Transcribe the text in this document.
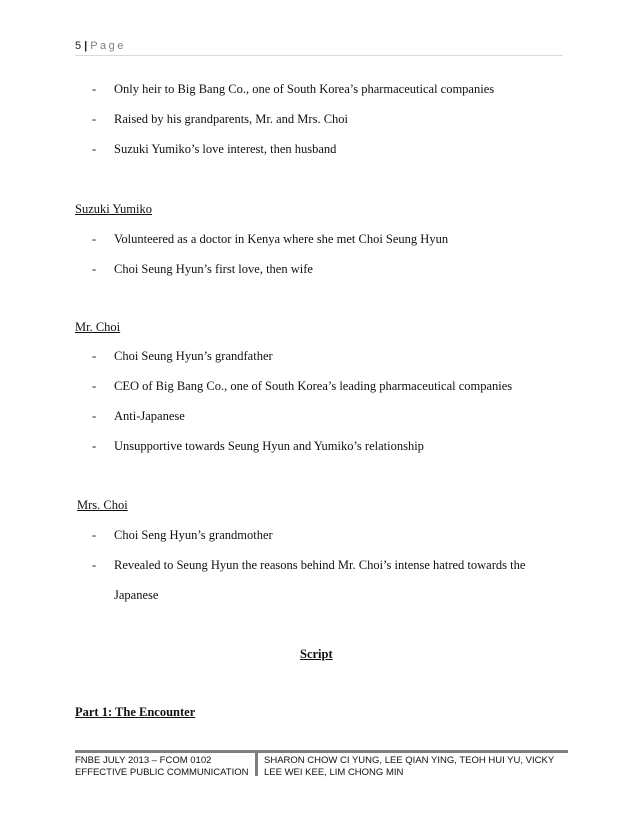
5 | Page
- Only heir to Big Bang Co., one of South Korea’s pharmaceutical companies
- Raised by his grandparents, Mr. and Mrs. Choi
- Suzuki Yumiko’s love interest, then husband
Suzuki Yumiko
- Volunteered as a doctor in Kenya where she met Choi Seung Hyun
- Choi Seung Hyun’s first love, then wife
Mr. Choi
- Choi Seung Hyun’s grandfather
- CEO of Big Bang Co., one of South Korea’s leading pharmaceutical companies
- Anti-Japanese
- Unsupportive towards Seung Hyun and Yumiko’s relationship
Mrs. Choi
- Choi Seng Hyun’s grandmother
- Revealed to Seung Hyun the reasons behind Mr. Choi’s intense hatred towards the
Japanese
Script
Part 1: The Encounter
FNBE JULY 2013 – FCOM 0102
EFFECTIVE PUBLIC COMMUNICATION
SHARON CHOW CI YUNG, LEE QIAN YING, TEOH HUI YU, VICKY
LEE WEI KEE, LIM CHONG MIN
